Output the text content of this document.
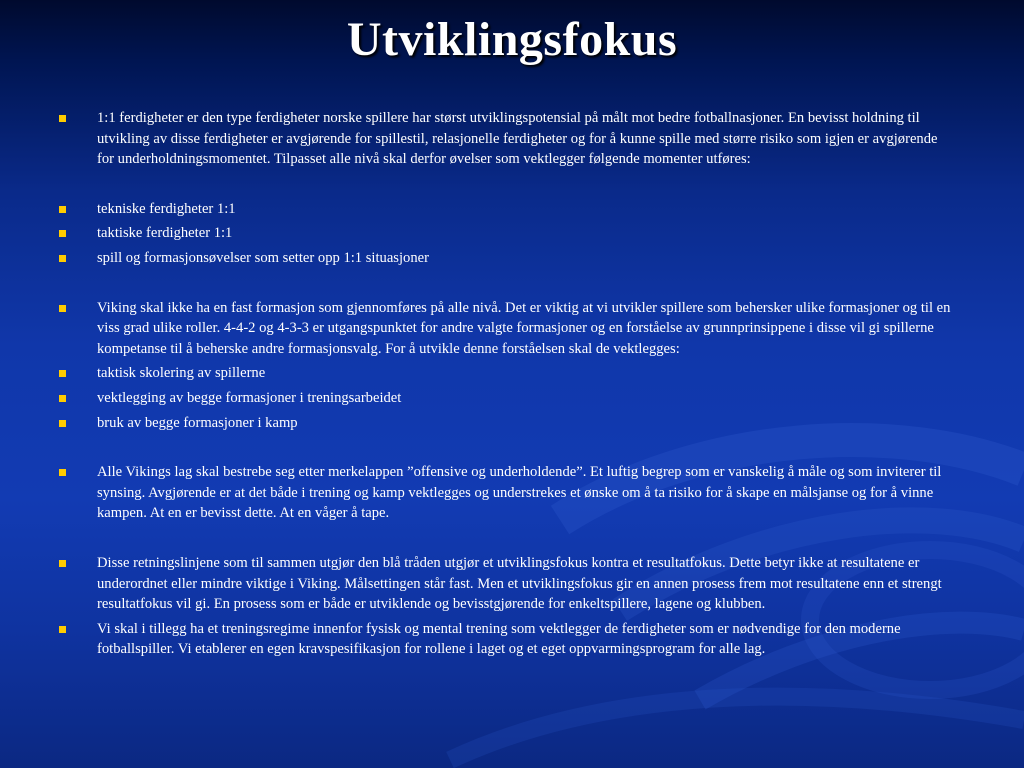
Utviklingsfokus
1:1 ferdigheter er den type ferdigheter norske spillere har størst utviklingspotensial på målt mot bedre fotballnasjoner. En bevisst holdning til utvikling av disse ferdigheter er avgjørende for spillestil, relasjonelle ferdigheter og for å kunne spille med større risiko som igjen er avgjørende for underholdningsmomentet. Tilpasset alle nivå skal derfor øvelser som vektlegger følgende momenter utføres:
tekniske ferdigheter 1:1
taktiske ferdigheter 1:1
spill og formasjonsøvelser som setter opp 1:1 situasjoner
Viking skal ikke ha en fast formasjon som gjennomføres på alle nivå. Det er viktig at vi utvikler spillere som behersker ulike formasjoner og til en viss grad ulike roller. 4-4-2 og 4-3-3 er utgangspunktet for andre valgte formasjoner og en forståelse av grunnprinsippene i disse vil gi spillerne kompetanse til å beherske andre formasjonsvalg. For å utvikle denne forståelsen skal de vektlegges:
taktisk skolering av spillerne
vektlegging av begge formasjoner i treningsarbeidet
bruk av begge formasjoner i kamp
Alle Vikings lag skal bestrebe seg etter merkelappen ”offensive og underholdende”. Et luftig begrep som er vanskelig å måle og som inviterer til synsing. Avgjørende er at det både i trening og kamp vektlegges og understrekes et ønske om å ta risiko for å skape en målsjanse og for å vinne kampen. At en er bevisst dette. At en våger å tape.
Disse retningslinjene som til sammen utgjør den blå tråden utgjør et utviklingsfokus kontra et resultatfokus. Dette betyr ikke at resultatene er underordnet eller mindre viktige i Viking. Målsettingen står fast. Men et utviklingsfokus gir en annen prosess frem mot resultatene enn et strengt resultatfokus vil gi. En prosess som er både er utviklende og bevisstgjørende for enkeltspillere, lagene og klubben.
Vi skal i tillegg ha et treningsregime innenfor fysisk og mental trening som vektlegger de ferdigheter som er nødvendige for den moderne fotballspiller. Vi etablerer en egen kravspesifikasjon for rollene i laget og et eget oppvarmingsprogram for alle lag.
